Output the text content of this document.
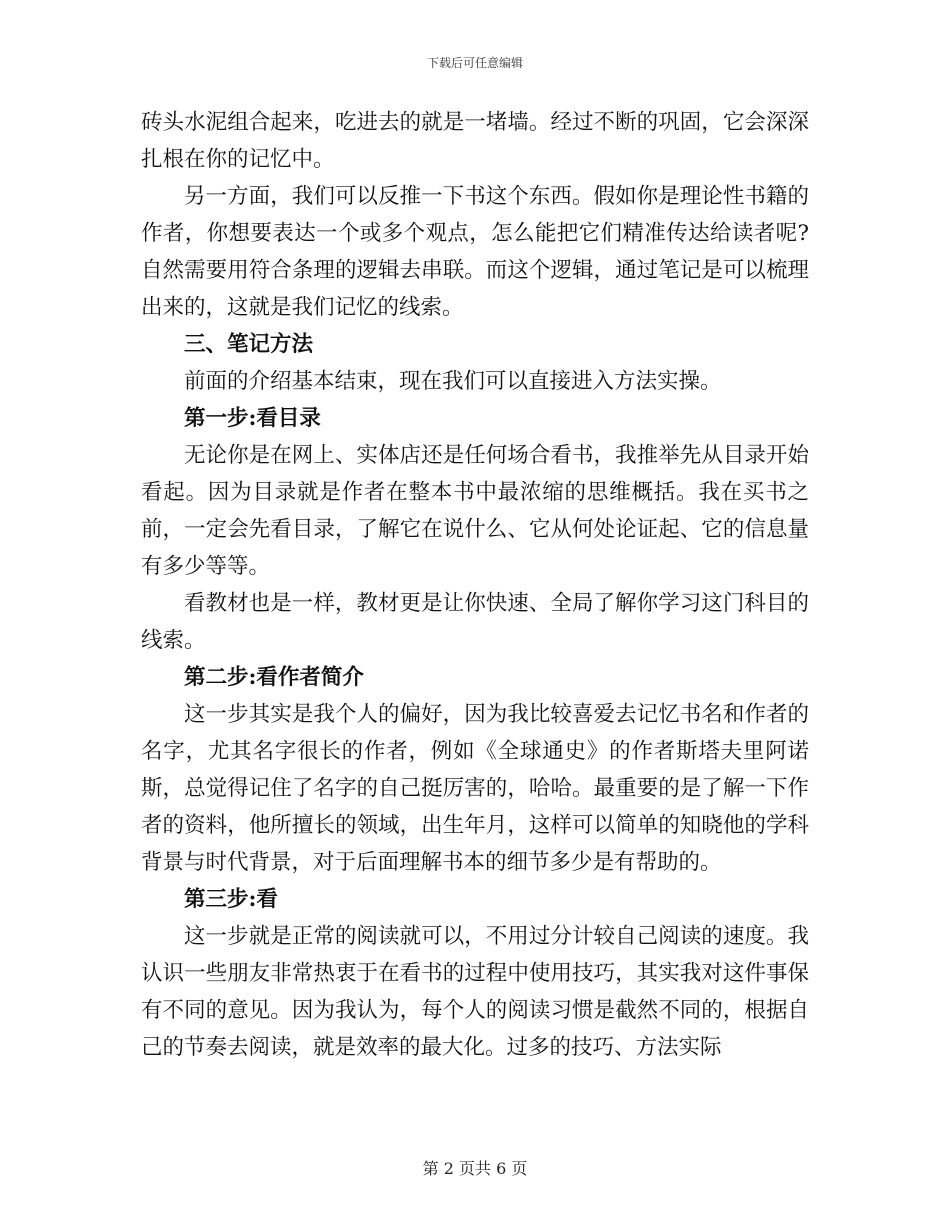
下载后可任意编辑

砖头水泥组合起来，吃进去的就是一堵墙。经过不断的巩固，它会深深扎根在你的记忆中。

另一方面，我们可以反推一下书这个东西。假如你是理论性书籍的作者，你想要表达一个或多个观点，怎么能把它们精准传达给读者呢?自然需要用符合条理的逻辑去串联。而这个逻辑，通过笔记是可以梳理出来的，这就是我们记忆的线索。

三、笔记方法

前面的介绍基本结束，现在我们可以直接进入方法实操。

第一步:看目录

无论你是在网上、实体店还是任何场合看书，我推举先从目录开始看起。因为目录就是作者在整本书中最浓缩的思维概括。我在买书之前，一定会先看目录，了解它在说什么、它从何处论证起、它的信息量有多少等等。

看教材也是一样，教材更是让你快速、全局了解你学习这门科目的线索。

第二步:看作者简介

这一步其实是我个人的偏好，因为我比较喜爱去记忆书名和作者的名字，尤其名字很长的作者，例如《全球通史》的作者斯塔夫里阿诺斯，总觉得记住了名字的自己挺厉害的，哈哈。最重要的是了解一下作者的资料，他所擅长的领域，出生年月，这样可以简单的知晓他的学科背景与时代背景，对于后面理解书本的细节多少是有帮助的。

第三步:看

这一步就是正常的阅读就可以，不用过分计较自己阅读的速度。我认识一些朋友非常热衷于在看书的过程中使用技巧，其实我对这件事保有不同的意见。因为我认为，每个人的阅读习惯是截然不同的，根据自己的节奏去阅读，就是效率的最大化。过多的技巧、方法实际

第 2 页共 6 页
